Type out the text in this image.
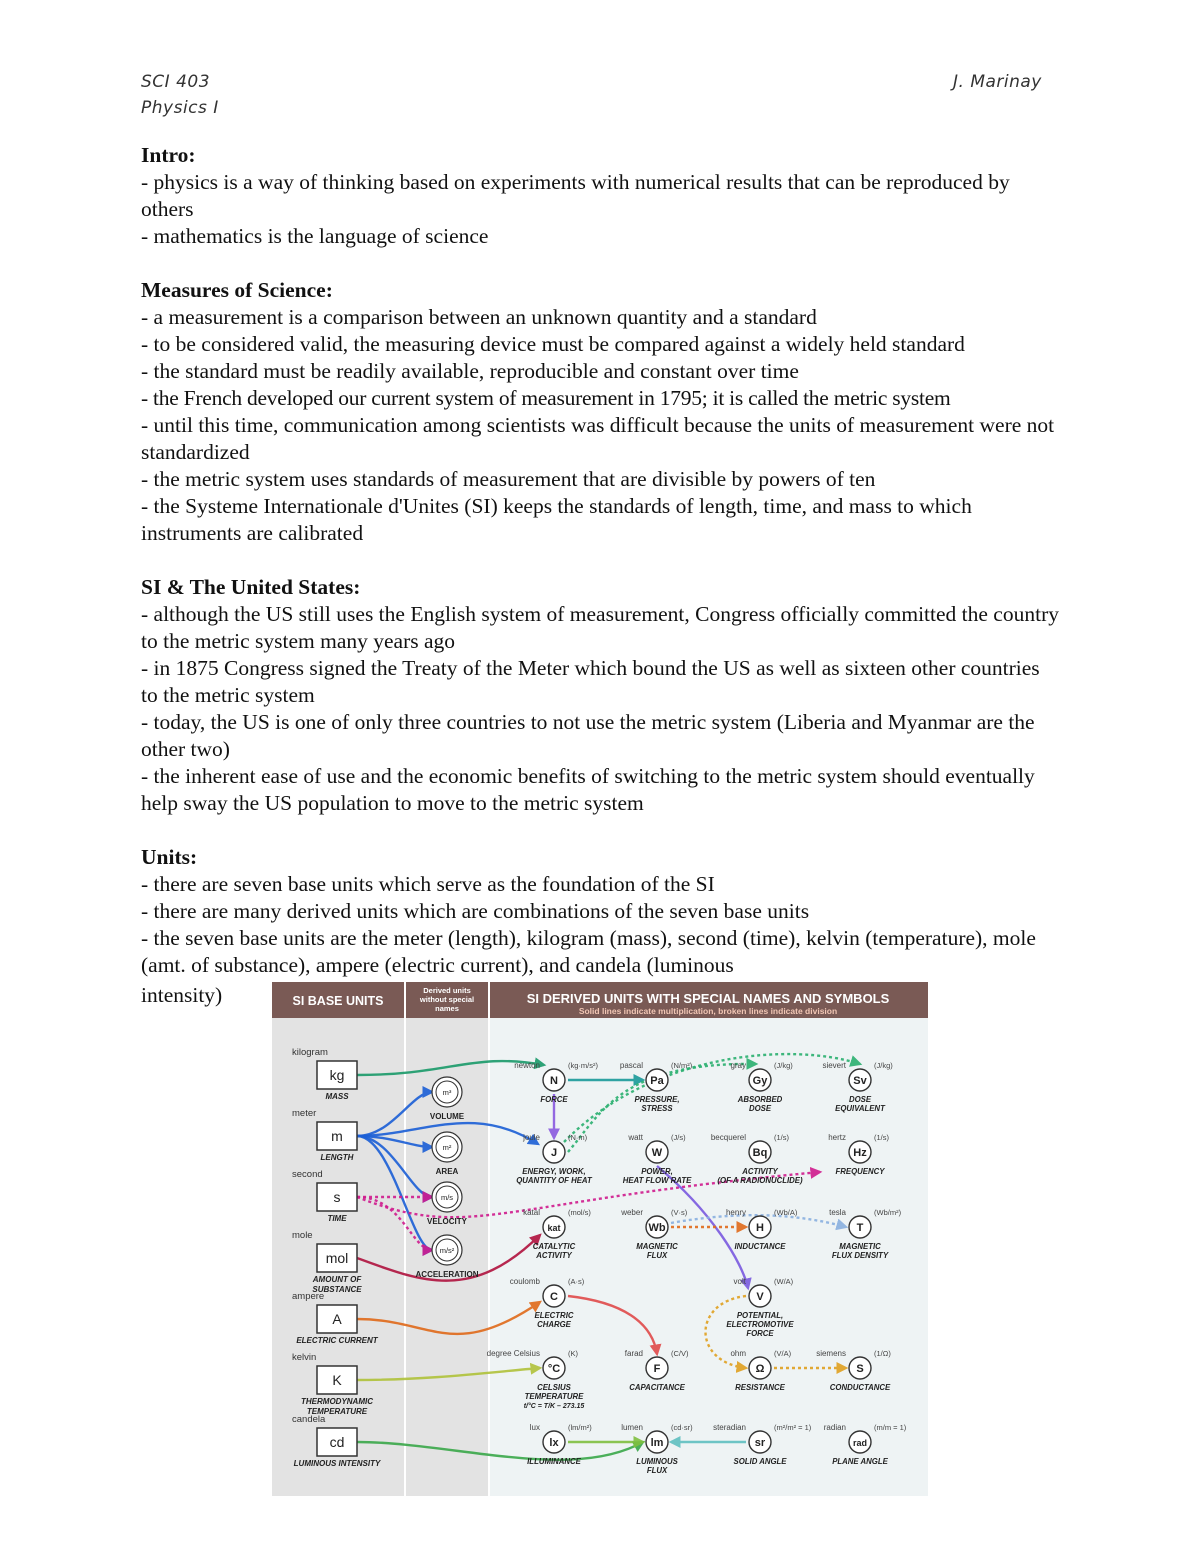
SCI 403
Physics I
J. Marinay
Intro:

- physics is a way of thinking based on experiments with numerical results that can be reproduced by others

- mathematics is the language of science

Measures of Science:

- a measurement is a comparison between an unknown quantity and a standard

- to be considered valid, the measuring device must be compared against a widely held standard

- the standard must be readily available, reproducible and constant over time

- the French developed our current system of measurement in 1795; it is called the metric system

- until this time, communication among scientists was difficult because the units of measurement were not standardized

- the metric system uses standards of measurement that are divisible by powers of ten

- the Systeme Internationale d'Unites (SI) keeps the standards of length, time, and mass to which instruments are calibrated

SI & The United States:

- although the US still uses the English system of measurement, Congress officially committed the country to the metric system many years ago

- in 1875 Congress signed the Treaty of the Meter which bound the US as well as sixteen other countries to the metric system

- today, the US is one of only three countries to not use the metric system (Liberia and Myanmar are the other two)

- the inherent ease of use and the economic benefits of switching to the metric system should eventually help sway the US population to move to the metric system

Units:

- there are seven base units which serve as the foundation of the SI

- there are many derived units which are combinations of the seven base units

- the seven base units are the meter (length), kilogram (mass), second (time), kelvin (temperature), mole (amt. of substance), ampere (electric current), and candela (luminous

intensity)	SI BASE UNITS
Derived units
without special
names
SI DERIVED UNITS WITH SPECIAL NAMES AND SYMBOLS
Solid lines indicate multiplication, broken lines indicate division
kilogram
kg
MASS
meter
m
LENGTH
second
s
TIME
mole
mol
AMOUNT OF
SUBSTANCE
ampere
A
ELECTRIC CURRENT
kelvin
K
THERMODYNAMIC
TEMPERATURE
candela
cd
LUMINOUS INTENSITY
m³
VOLUME
m²
AREA
m/s
VELOCITY
m/s²
ACCELERATION
N
newton	(kg·m/s²)
FORCE
Pa
pascal	(N/m²)
PRESSURE,
STRESS
Gy
gray	(J/kg)
ABSORBED
DOSE
Sv
sievert	(J/kg)
DOSE
EQUIVALENT
J
joule	(N·m)
ENERGY, WORK,
QUANTITY OF HEAT
W
watt	(J/s)
POWER,
HEAT FLOW RATE
Bq
becquerel	(1/s)
ACTIVITY
(OF A RADIONUCLIDE)
Hz
hertz	(1/s)
FREQUENCY
kat
katal	(mol/s)
CATALYTIC
ACTIVITY
Wb
weber	(V·s)
MAGNETIC
FLUX
H
henry	(Wb/A)
INDUCTANCE
T
tesla	(Wb/m²)
MAGNETIC
FLUX DENSITY
C
coulomb	(A·s)
ELECTRIC
CHARGE
V
volt	(W/A)
POTENTIAL,
ELECTROMOTIVE
FORCE
°C
degree Celsius	(K)
CELSIUS
TEMPERATURE
t/°C = T/K – 273.15
F
farad	(C/V)
CAPACITANCE
Ω
ohm	(V/A)
RESISTANCE
S
siemens	(1/Ω)
CONDUCTANCE
lx
lux	(lm/m²)
ILLUMINANCE
lm
lumen	(cd·sr)
LUMINOUS
FLUX
sr
steradian	(m²/m² = 1)
SOLID ANGLE
rad
radian	(m/m = 1)
PLANE ANGLE
